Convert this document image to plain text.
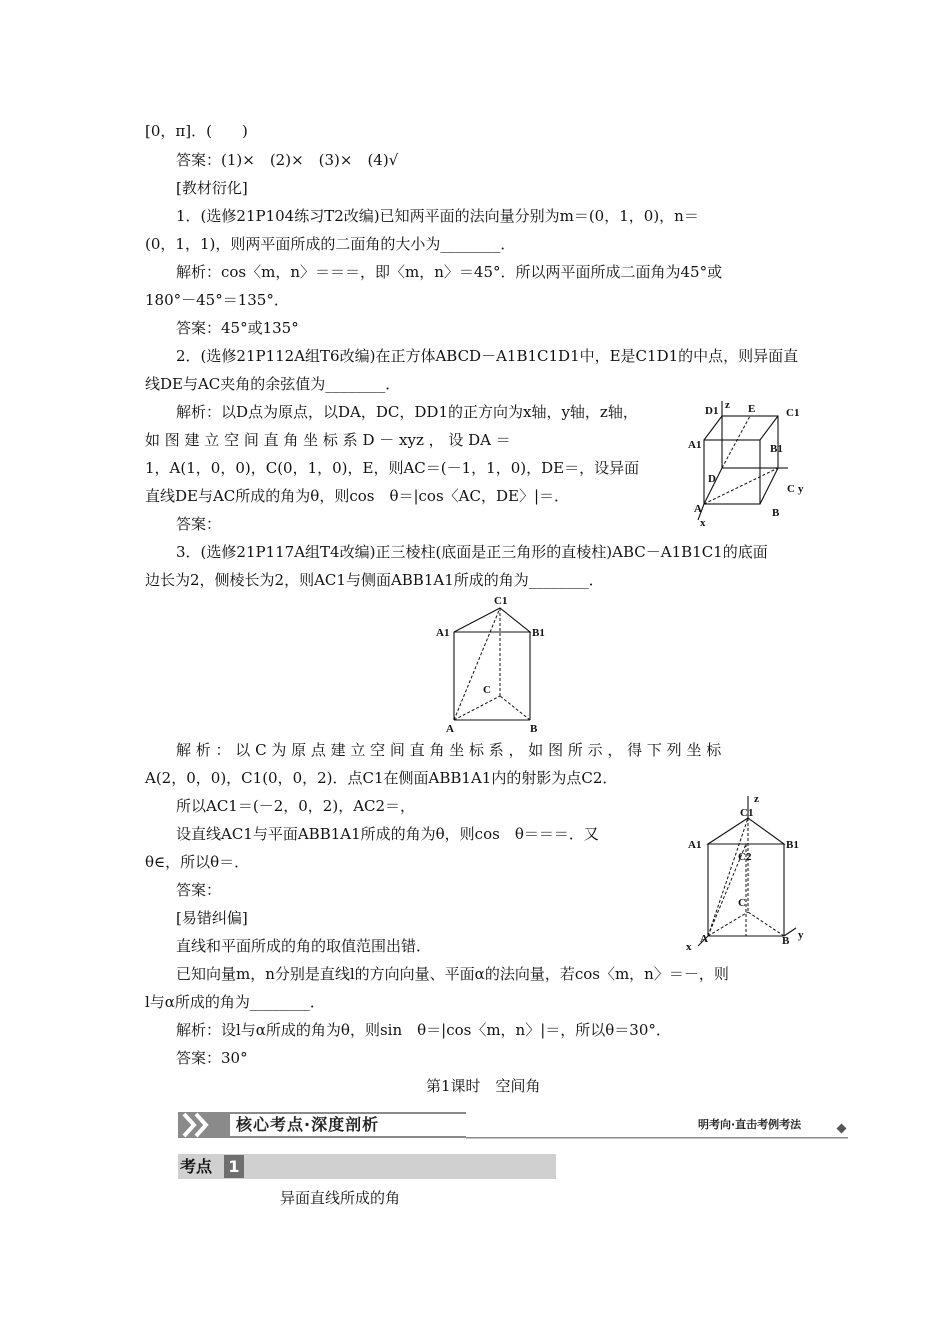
[0，π]．(　　)
答案：(1)×　(2)×　(3)×　(4)√
[教材衍化]
1．(选修21P104练习T2改编)已知两平面的法向量分别为m＝(0，1，0)，n＝
(0，1，1)，则两平面所成的二面角的大小为________．
解析：cos〈m，n〉＝＝＝，即〈m，n〉＝45°．所以两平面所成二面角为45°或
180°－45°＝135°．
答案：45°或135°
2．(选修21P112A组T6改编)在正方体ABCD－A1B1C1D1中，E是C1D1的中点，则异面直
线DE与AC夹角的余弦值为________．
解析：以D点为原点，以DA，DC，DD1的正方向为x轴，y轴，z轴，
如 图 建 立 空 间 直 角 坐 标 系 D － xyz ， 设 DA ＝
1，A(1，0，0)，C(0，1，0)，E，则AC＝(－1，1，0)，DE＝，设异面
直线DE与AC所成的角为θ，则cos　θ＝|cos〈AC，DE〉|＝．
答案：
3．(选修21P117A组T4改编)正三棱柱(底面是正三角形的直棱柱)ABC－A1B1C1的底面
边长为2，侧棱长为2，则AC1与侧面ABB1A1所成的角为________．
D1 z E	C1
A1	B1
D
C y
A	B
x
C1
A1	B1
C
A	B
解 析 ： 以 C 为 原 点 建 立 空 间 直 角 坐 标 系 ， 如 图 所 示 ， 得 下 列 坐 标
A(2，0，0)，C1(0，0，2)．点C1在侧面ABB1A1内的射影为点C2．
所以AC1＝(－2，0，2)，AC2＝，
设直线AC1与平面ABB1A1所成的角为θ，则cos　θ＝＝＝．又
θ∈，所以θ＝．
答案：
z
C1
A1	B1
C2
C
y
A	B
x
[易错纠偏]
直线和平面所成的角的取值范围出错．
已知向量m，n分别是直线l的方向向量、平面α的法向量，若cos〈m，n〉＝－，则
l与α所成的角为________．
解析：设l与α所成的角为θ，则sin　θ＝|cos〈m，n〉|＝，所以θ＝30°．
答案：30°
第1课时　空间角
核心考点·深度剖析	明考向·直击考例考法
考点 1
异面直线所成的角
